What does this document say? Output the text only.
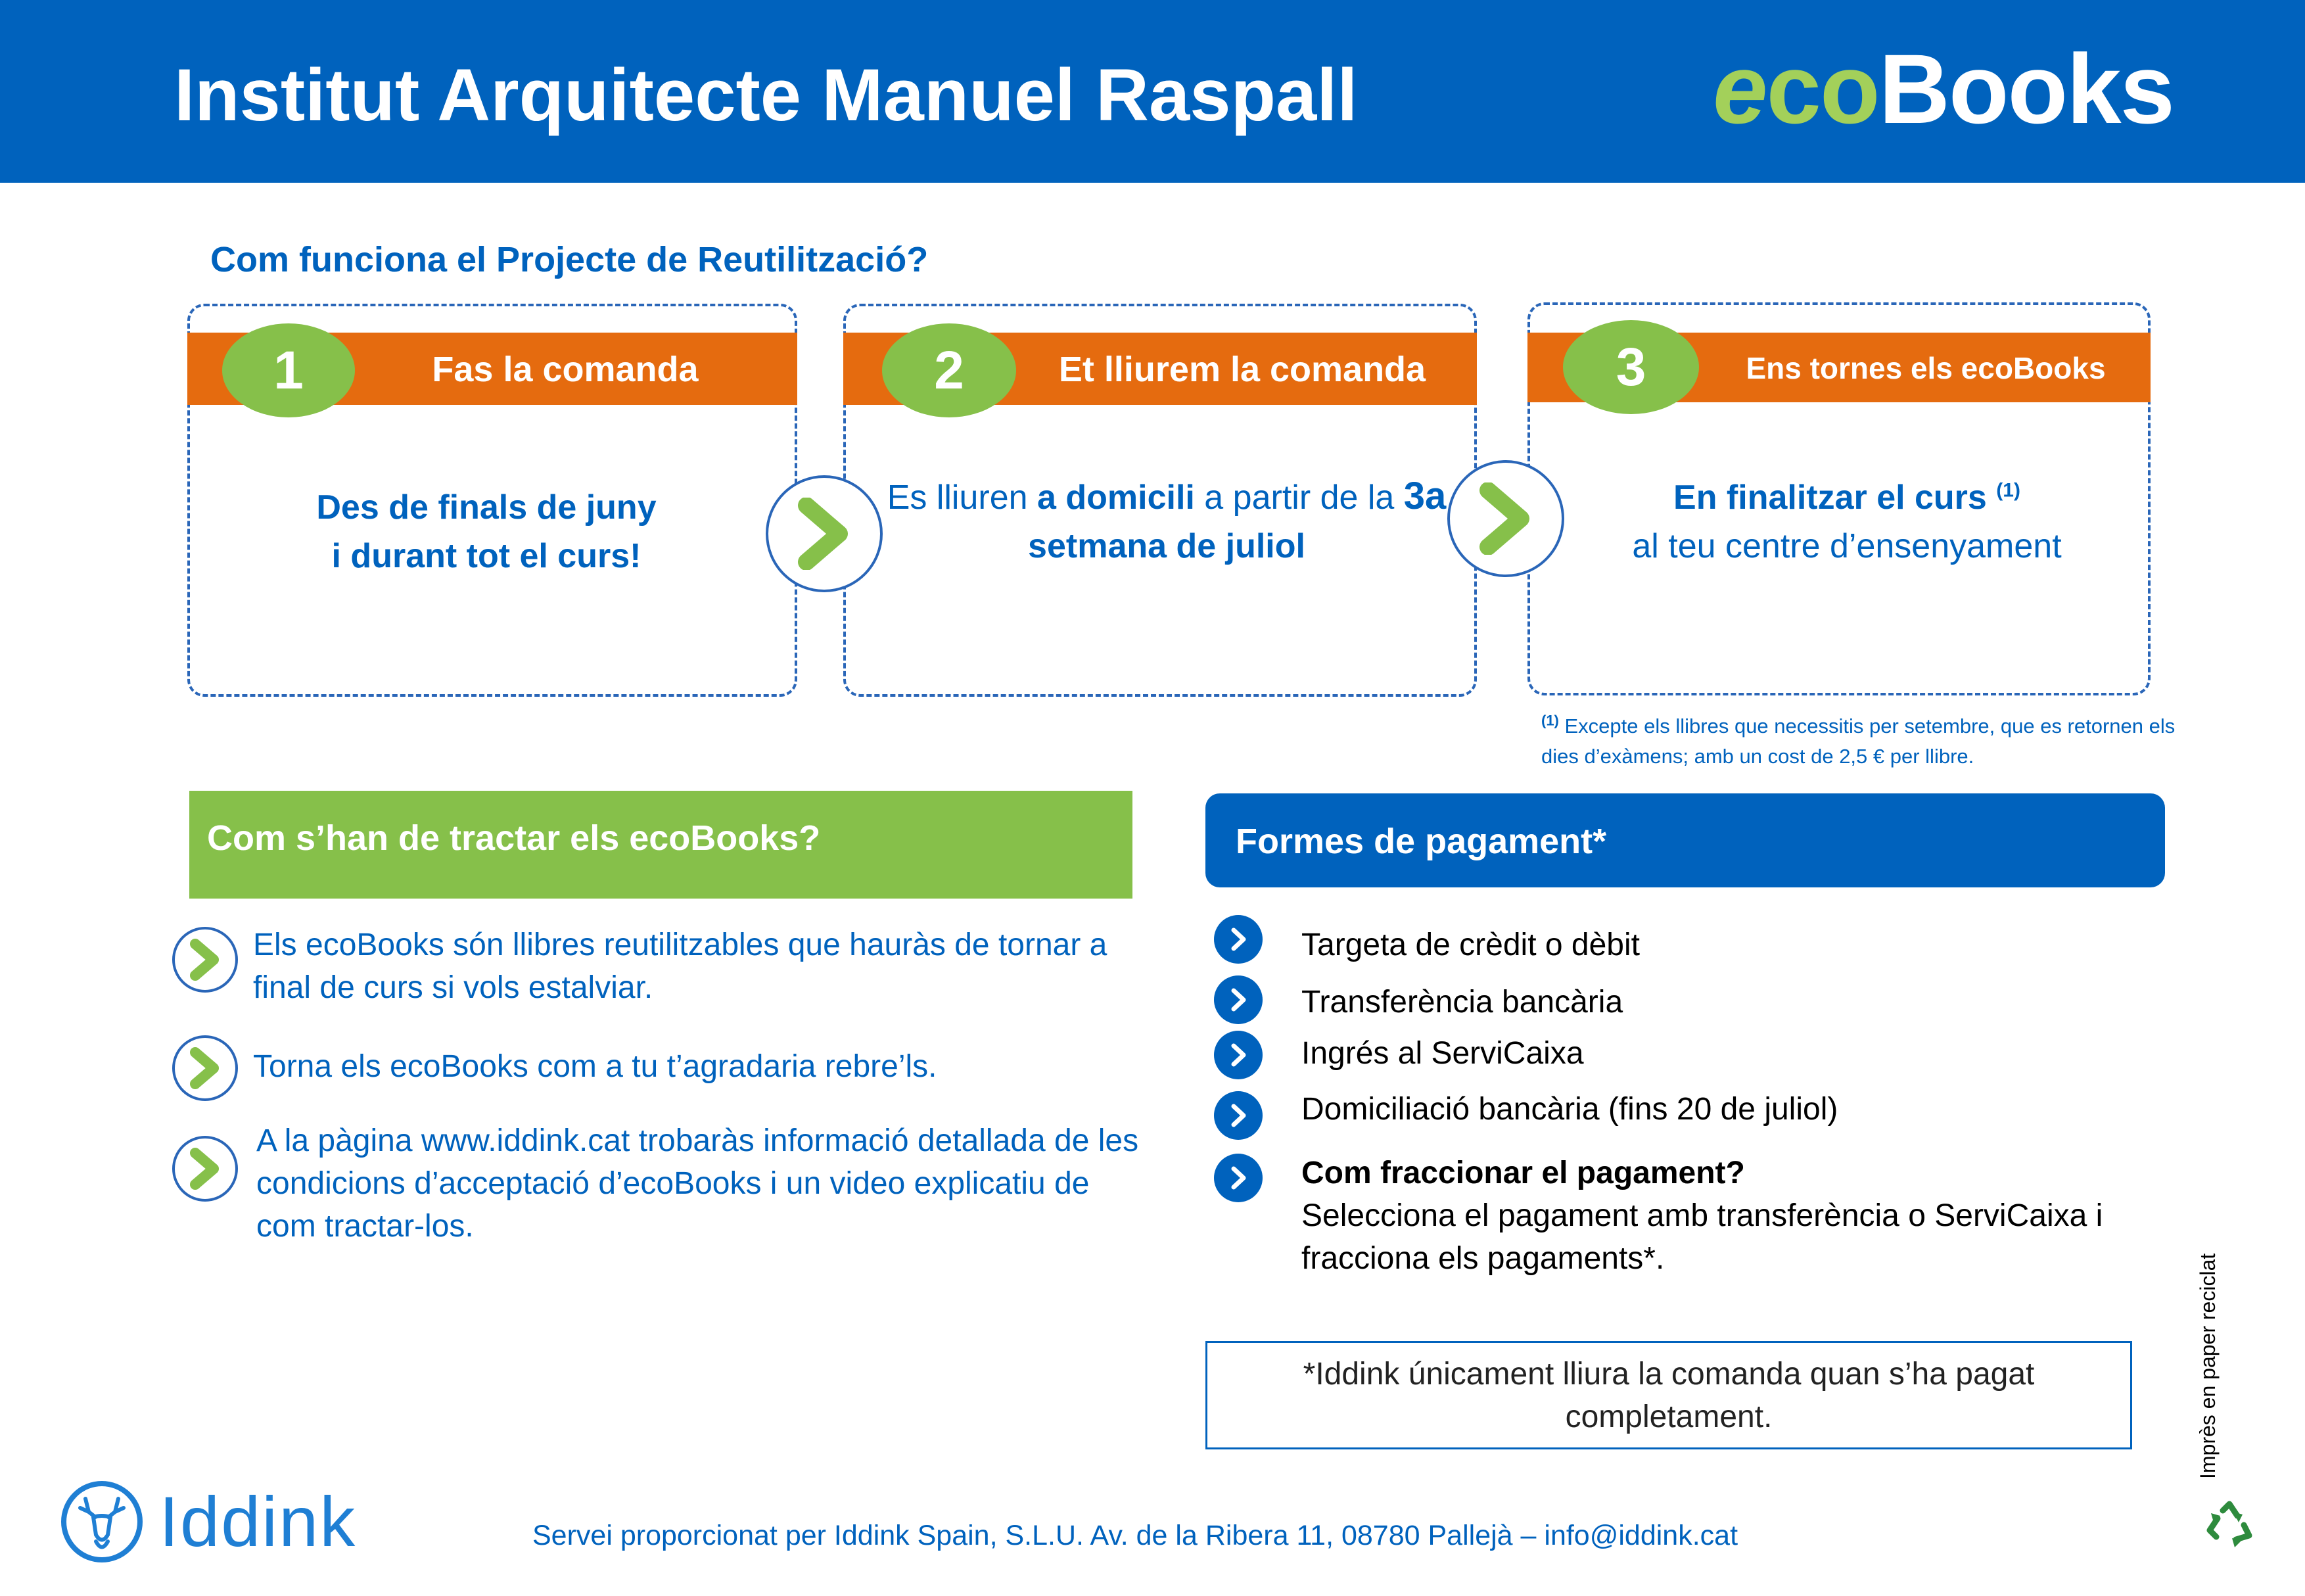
Institut Arquitecte Manuel Raspall	ecoBooks
Com funciona el Projecte de Reutilització?
1	Fas la comanda
Des de finals de juny
i durant tot el curs!
2	Et lliurem la comanda
Es lliuren a domicili a partir de la 3a
setmana de juliol
3	Ens tornes els ecoBooks
En finalitzar el curs $^{(1)}$
al teu centre d’ensenyament
$^{(1)}$ Excepte els llibres que necessitis per setembre, que es retornen els dies d’exàmens; amb un cost de 2,5 € per llibre.
Com s’han de tractar els ecoBooks?
Els ecoBooks són llibres reutilitzables que hauràs de tornar a final de curs si vols estalviar.
Torna els ecoBooks com a tu t’agradaria rebre’ls.
A la pàgina www.iddink.cat trobaràs informació detallada de les condicions d’acceptació d’ecoBooks i un video explicatiu de com tractar-los.
Formes de pagament*
Targeta de crèdit o dèbit
Transferència bancària
Ingrés al ServiCaixa
Domiciliació bancària (fins 20 de juliol)
Com fraccionar el pagament?
Selecciona el pagament amb transferència o ServiCaixa i fracciona els pagaments*.
*Iddink únicament lliura la comanda quan s’ha pagat completament.
Iddink	Servei proporcionat per Iddink Spain, S.L.U. Av. de la Ribera 11, 08780 Pallejà – info@iddink.cat
Imprès en paper reciclat
